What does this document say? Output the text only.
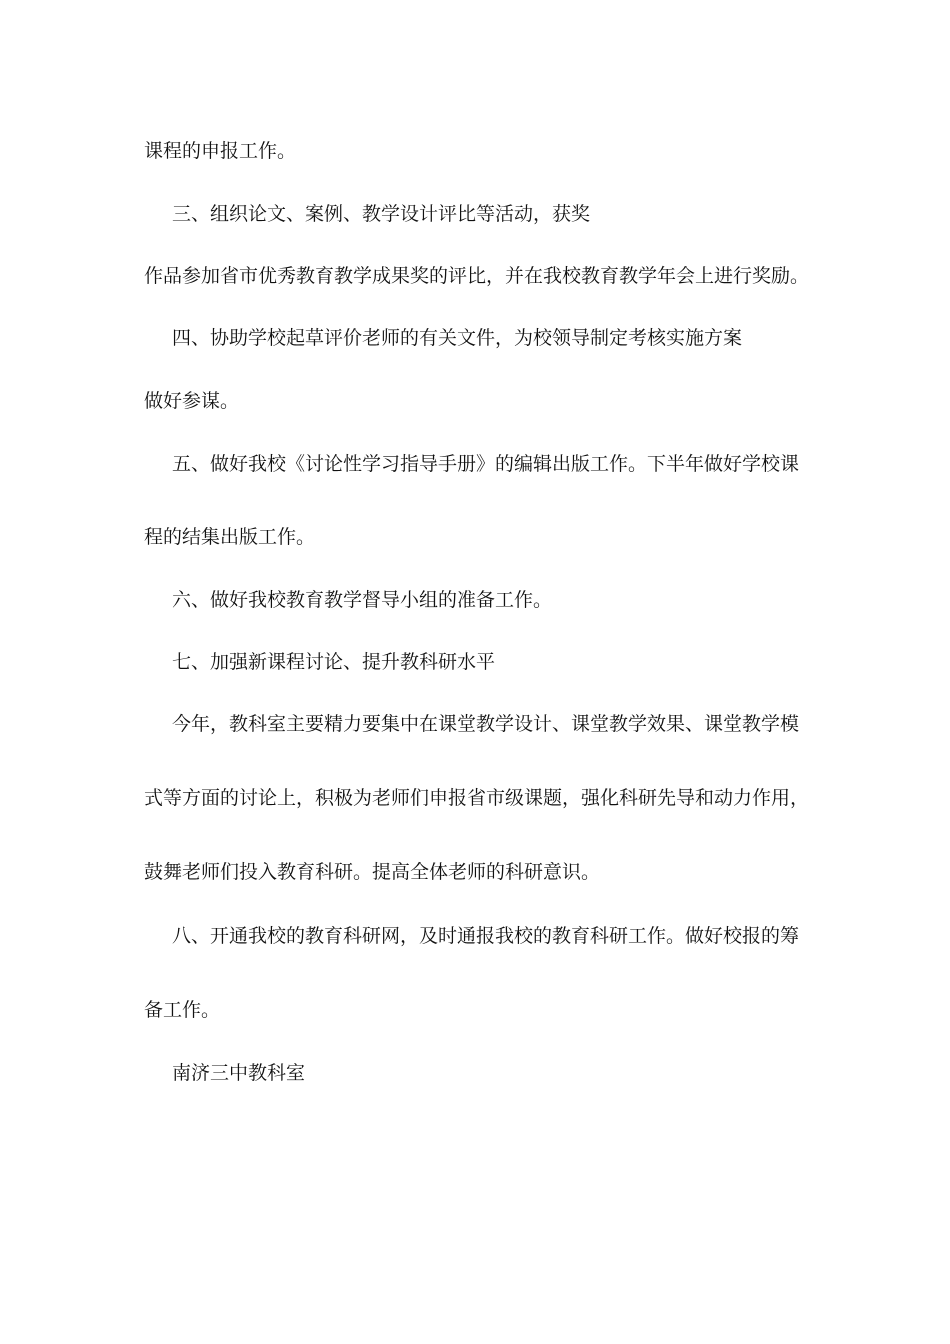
课程的申报工作。
三、组织论文、案例、教学设计评比等活动，获奖
作品参加省市优秀教育教学成果奖的评比，并在我校教育教学年会上进行奖励。
四、协助学校起草评价老师的有关文件，为校领导制定考核实施方案
做好参谋。
五、做好我校《讨论性学习指导手册》的编辑出版工作。下半年做好学校课
程的结集出版工作。
六、做好我校教育教学督导小组的准备工作。
七、加强新课程讨论、提升教科研水平
今年，教科室主要精力要集中在课堂教学设计、课堂教学效果、课堂教学模
式等方面的讨论上，积极为老师们申报省市级课题，强化科研先导和动力作用，
鼓舞老师们投入教育科研。提高全体老师的科研意识。
八、开通我校的教育科研网，及时通报我校的教育科研工作。做好校报的筹
备工作。
南济三中教科室
